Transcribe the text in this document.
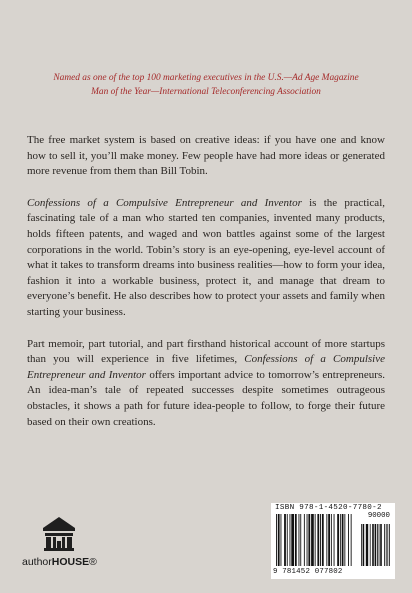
Named as one of the top 100 marketing executives in the U.S.—Ad Age Magazine
Man of the Year—International Teleconferencing Association

The free market system is based on creative ideas: if you have one and know how to sell it, you’ll make money. Few people have had more ideas or generated more revenue from them than Bill Tobin.

Confessions of a Compulsive Entrepreneur and Inventor is the practical, fascinating tale of a man who started ten companies, invented many products, holds fifteen patents, and waged and won battles against some of the largest corporations in the world. Tobin’s story is an eye-opening, eye-level account of what it takes to transform dreams into business realities—how to form your idea, fashion it into a workable business, protect it, and manage that dream to everyone’s benefit. He also describes how to protect your assets and family when starting your business.

Part memoir, part tutorial, and part firsthand historical account of more startups than you will experience in five lifetimes, Confessions of a Compulsive Entrepreneur and Inventor offers important advice to tomorrow’s entrepreneurs. An idea-man’s tale of repeated successes despite sometimes outrageous obstacles, it shows a path for future idea-people to follow, to forge their future based on their own creations.

authorHOUSE®
ISBN 978-1-4520-7780-2
90000
9 781452 077802
